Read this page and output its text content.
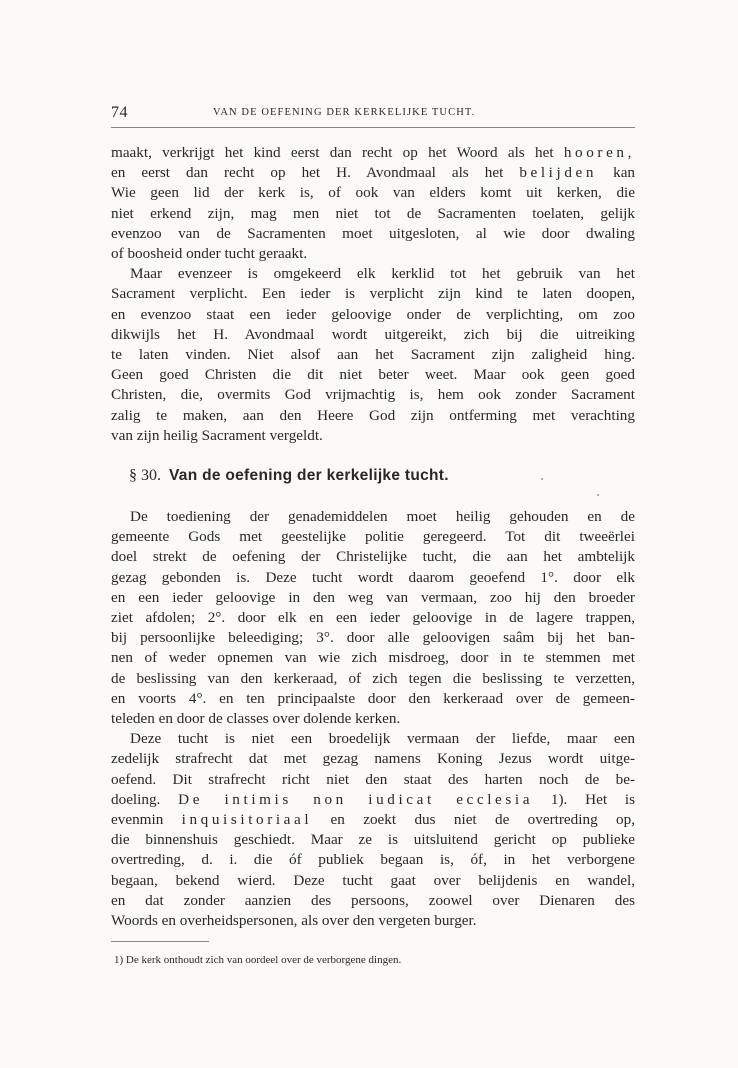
74	VAN DE OEFENING DER KERKELIJKE TUCHT.
maakt, verkrijgt het kind eerst dan recht op het Woord als het hooren,
en eerst dan recht op het H. Avondmaal als het belijden kan
Wie geen lid der kerk is, of ook van elders komt uit kerken, die
niet erkend zijn, mag men niet tot de Sacramenten toelaten, gelijk
evenzoo van de Sacramenten moet uitgesloten, al wie door dwaling
of boosheid onder tucht geraakt.
Maar evenzeer is omgekeerd elk kerklid tot het gebruik van het
Sacrament verplicht. Een ieder is verplicht zijn kind te laten doopen,
en evenzoo staat een ieder geloovige onder de verplichting, om zoo
dikwijls het H. Avondmaal wordt uitgereikt, zich bij die uitreiking
te laten vinden. Niet alsof aan het Sacrament zijn zaligheid hing.
Geen goed Christen die dit niet beter weet. Maar ook geen goed
Christen, die, overmits God vrijmachtig is, hem ook zonder Sacrament
zalig te maken, aan den Heere God zijn ontferming met verachting
van zijn heilig Sacrament vergeldt.
§ 30. Van de oefening der kerkelijke tucht.
De toediening der genademiddelen moet heilig gehouden en de
gemeente Gods met geestelijke politie geregeerd. Tot dit tweeërlei
doel strekt de oefening der Christelijke tucht, die aan het ambtelijk
gezag gebonden is. Deze tucht wordt daarom geoefend 1°. door elk
en een ieder geloovige in den weg van vermaan, zoo hij den broeder
ziet afdolen; 2°. door elk en een ieder geloovige in de lagere trappen,
bij persoonlijke beleediging; 3°. door alle geloovigen saâm bij het ban-
nen of weder opnemen van wie zich misdroeg, door in te stemmen met
de beslissing van den kerkeraad, of zich tegen die beslissing te verzetten,
en voorts 4°. en ten principaalste door den kerkeraad over de gemeen-
teleden en door de classes over dolende kerken.
Deze tucht is niet een broedelijk vermaan der liefde, maar een
zedelijk strafrecht dat met gezag namens Koning Jezus wordt uitge-
oefend. Dit strafrecht richt niet den staat des harten noch de be-
doeling. De intimis non iudicat ecclesia 1). Het is
evenmin inquisitoriaal en zoekt dus niet de overtreding op,
die binnenshuis geschiedt. Maar ze is uitsluitend gericht op publieke
overtreding, d. i. die óf publiek begaan is, óf, in het verborgene
begaan, bekend wierd. Deze tucht gaat over belijdenis en wandel,
en dat zonder aanzien des persoons, zoowel over Dienaren des
Woords en overheidspersonen, als over den vergeten burger.
1) De kerk onthoudt zich van oordeel over de verborgene dingen.
